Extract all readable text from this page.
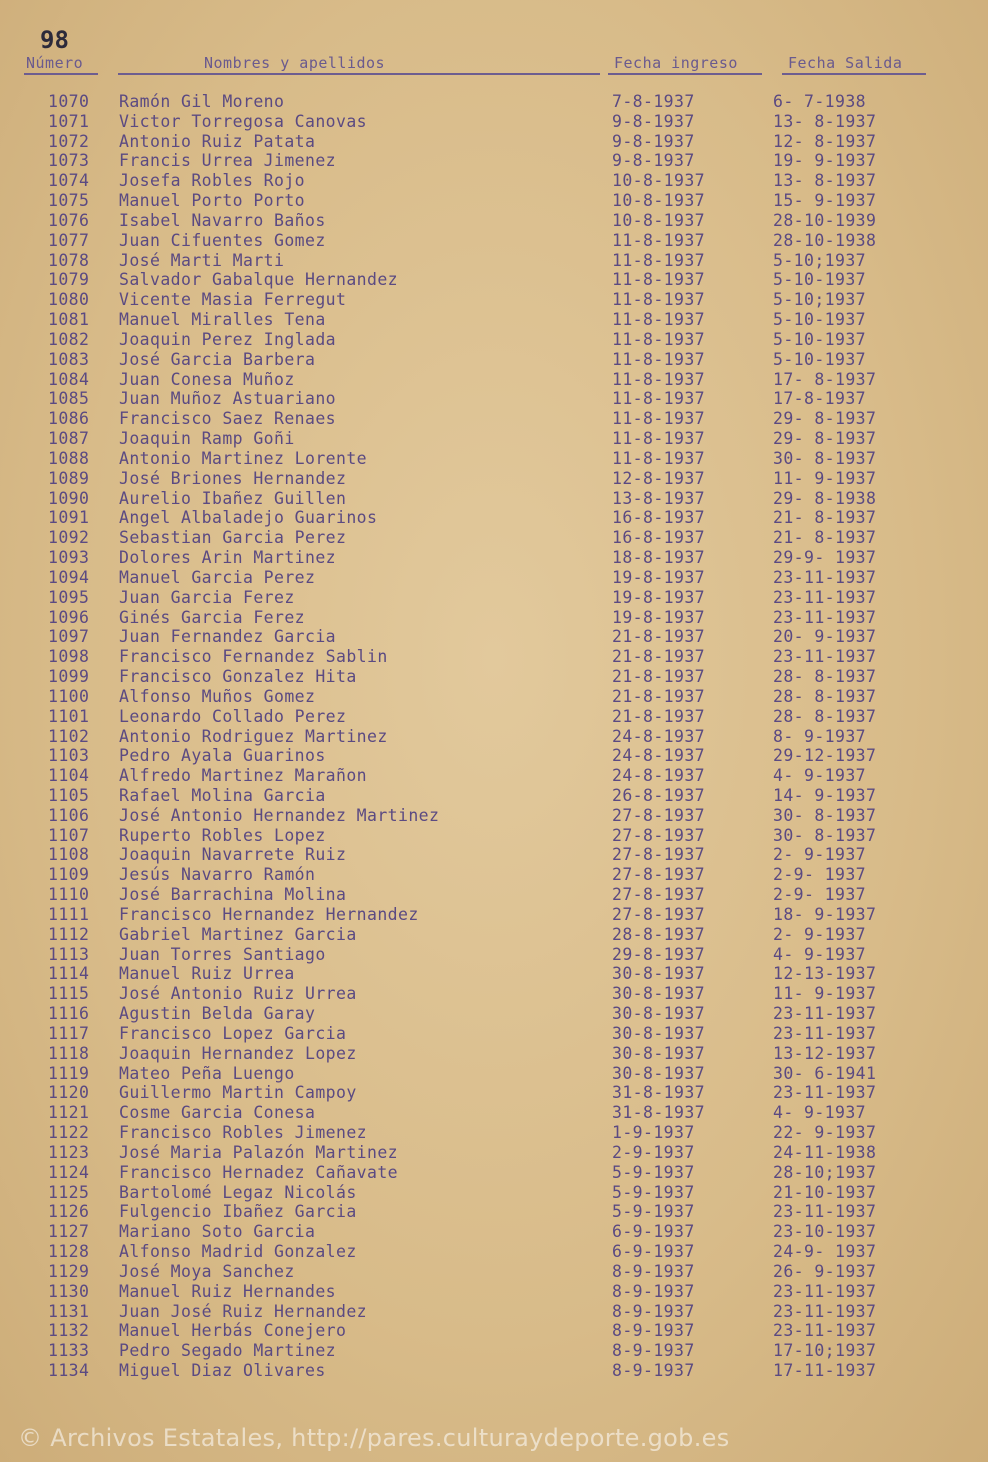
98
Número	Nombres y apellidos	Fecha ingreso	Fecha Salida
1070 Ramón Gil Moreno	7-8-1937	6- 7-1938
1071 Victor Torregosa Canovas	9-8-1937	13- 8-1937
1072 Antonio Ruiz Patata	9-8-1937	12- 8-1937
1073 Francis Urrea Jimenez	9-8-1937	19- 9-1937
1074 Josefa Robles Rojo	10-8-1937	13- 8-1937
1075 Manuel Porto Porto	10-8-1937	15- 9-1937
1076 Isabel Navarro Baños	10-8-1937	28-10-1939
1077 Juan Cifuentes Gomez	11-8-1937	28-10-1938
1078 José Marti Marti	11-8-1937	5-10;1937
1079 Salvador Gabalque Hernandez	11-8-1937	5-10-1937
1080 Vicente Masia Ferregut	11-8-1937	5-10;1937
1081 Manuel Miralles Tena	11-8-1937	5-10-1937
1082 Joaquin Perez Inglada	11-8-1937	5-10-1937
1083 José Garcia Barbera	11-8-1937	5-10-1937
1084 Juan Conesa Muñoz	11-8-1937	17- 8-1937
1085 Juan Muñoz Astuariano	11-8-1937	17-8-1937
1086 Francisco Saez Renaes	11-8-1937	29- 8-1937
1087 Joaquin Ramp Goñi	11-8-1937	29- 8-1937
1088 Antonio Martinez Lorente	11-8-1937	30- 8-1937
1089 José Briones Hernandez	12-8-1937	11- 9-1937
1090 Aurelio Ibañez Guillen	13-8-1937	29- 8-1938
1091 Angel Albaladejo Guarinos	16-8-1937	21- 8-1937
1092 Sebastian Garcia Perez	16-8-1937	21- 8-1937
1093 Dolores Arin Martinez	18-8-1937	29-9- 1937
1094 Manuel Garcia Perez	19-8-1937	23-11-1937
1095 Juan Garcia Ferez	19-8-1937	23-11-1937
1096 Ginés Garcia Ferez	19-8-1937	23-11-1937
1097 Juan Fernandez Garcia	21-8-1937	20- 9-1937
1098 Francisco Fernandez Sablin	21-8-1937	23-11-1937
1099 Francisco Gonzalez Hita	21-8-1937	28- 8-1937
1100 Alfonso Muños Gomez	21-8-1937	28- 8-1937
1101 Leonardo Collado Perez	21-8-1937	28- 8-1937
1102 Antonio Rodriguez Martinez	24-8-1937	8- 9-1937
1103 Pedro Ayala Guarinos	24-8-1937	29-12-1937
1104 Alfredo Martinez Marañon	24-8-1937	4- 9-1937
1105 Rafael Molina Garcia	26-8-1937	14- 9-1937
1106 José Antonio Hernandez Martinez	27-8-1937	30- 8-1937
1107 Ruperto Robles Lopez	27-8-1937	30- 8-1937
1108 Joaquin Navarrete Ruiz	27-8-1937	2- 9-1937
1109 Jesús Navarro Ramón	27-8-1937	2-9- 1937
1110 José Barrachina Molina	27-8-1937	2-9- 1937
1111 Francisco Hernandez Hernandez	27-8-1937	18- 9-1937
1112 Gabriel Martinez Garcia	28-8-1937	2- 9-1937
1113 Juan Torres Santiago	29-8-1937	4- 9-1937
1114 Manuel Ruiz Urrea	30-8-1937	12-13-1937
1115 José Antonio Ruiz Urrea	30-8-1937	11- 9-1937
1116 Agustin Belda Garay	30-8-1937	23-11-1937
1117 Francisco Lopez Garcia	30-8-1937	23-11-1937
1118 Joaquin Hernandez Lopez	30-8-1937	13-12-1937
1119 Mateo Peña Luengo	30-8-1937	30- 6-1941
1120 Guillermo Martin Campoy	31-8-1937	23-11-1937
1121 Cosme Garcia Conesa	31-8-1937	4- 9-1937
1122 Francisco Robles Jimenez	1-9-1937	22- 9-1937
1123 José Maria Palazón Martinez	2-9-1937	24-11-1938
1124 Francisco Hernadez Cañavate	5-9-1937	28-10;1937
1125 Bartolomé Legaz Nicolás	5-9-1937	21-10-1937
1126 Fulgencio Ibañez Garcia	5-9-1937	23-11-1937
1127 Mariano Soto Garcia	6-9-1937	23-10-1937
1128 Alfonso Madrid Gonzalez	6-9-1937	24-9- 1937
1129 José Moya Sanchez	8-9-1937	26- 9-1937
1130 Manuel Ruiz Hernandes	8-9-1937	23-11-1937
1131 Juan José Ruiz Hernandez	8-9-1937	23-11-1937
1132 Manuel Herbás Conejero	8-9-1937	23-11-1937
1133 Pedro Segado Martinez	8-9-1937	17-10;1937
1134 Miguel Diaz Olivares	8-9-1937	17-11-1937
© Archivos Estatales, http://pares.culturaydeporte.gob.es
